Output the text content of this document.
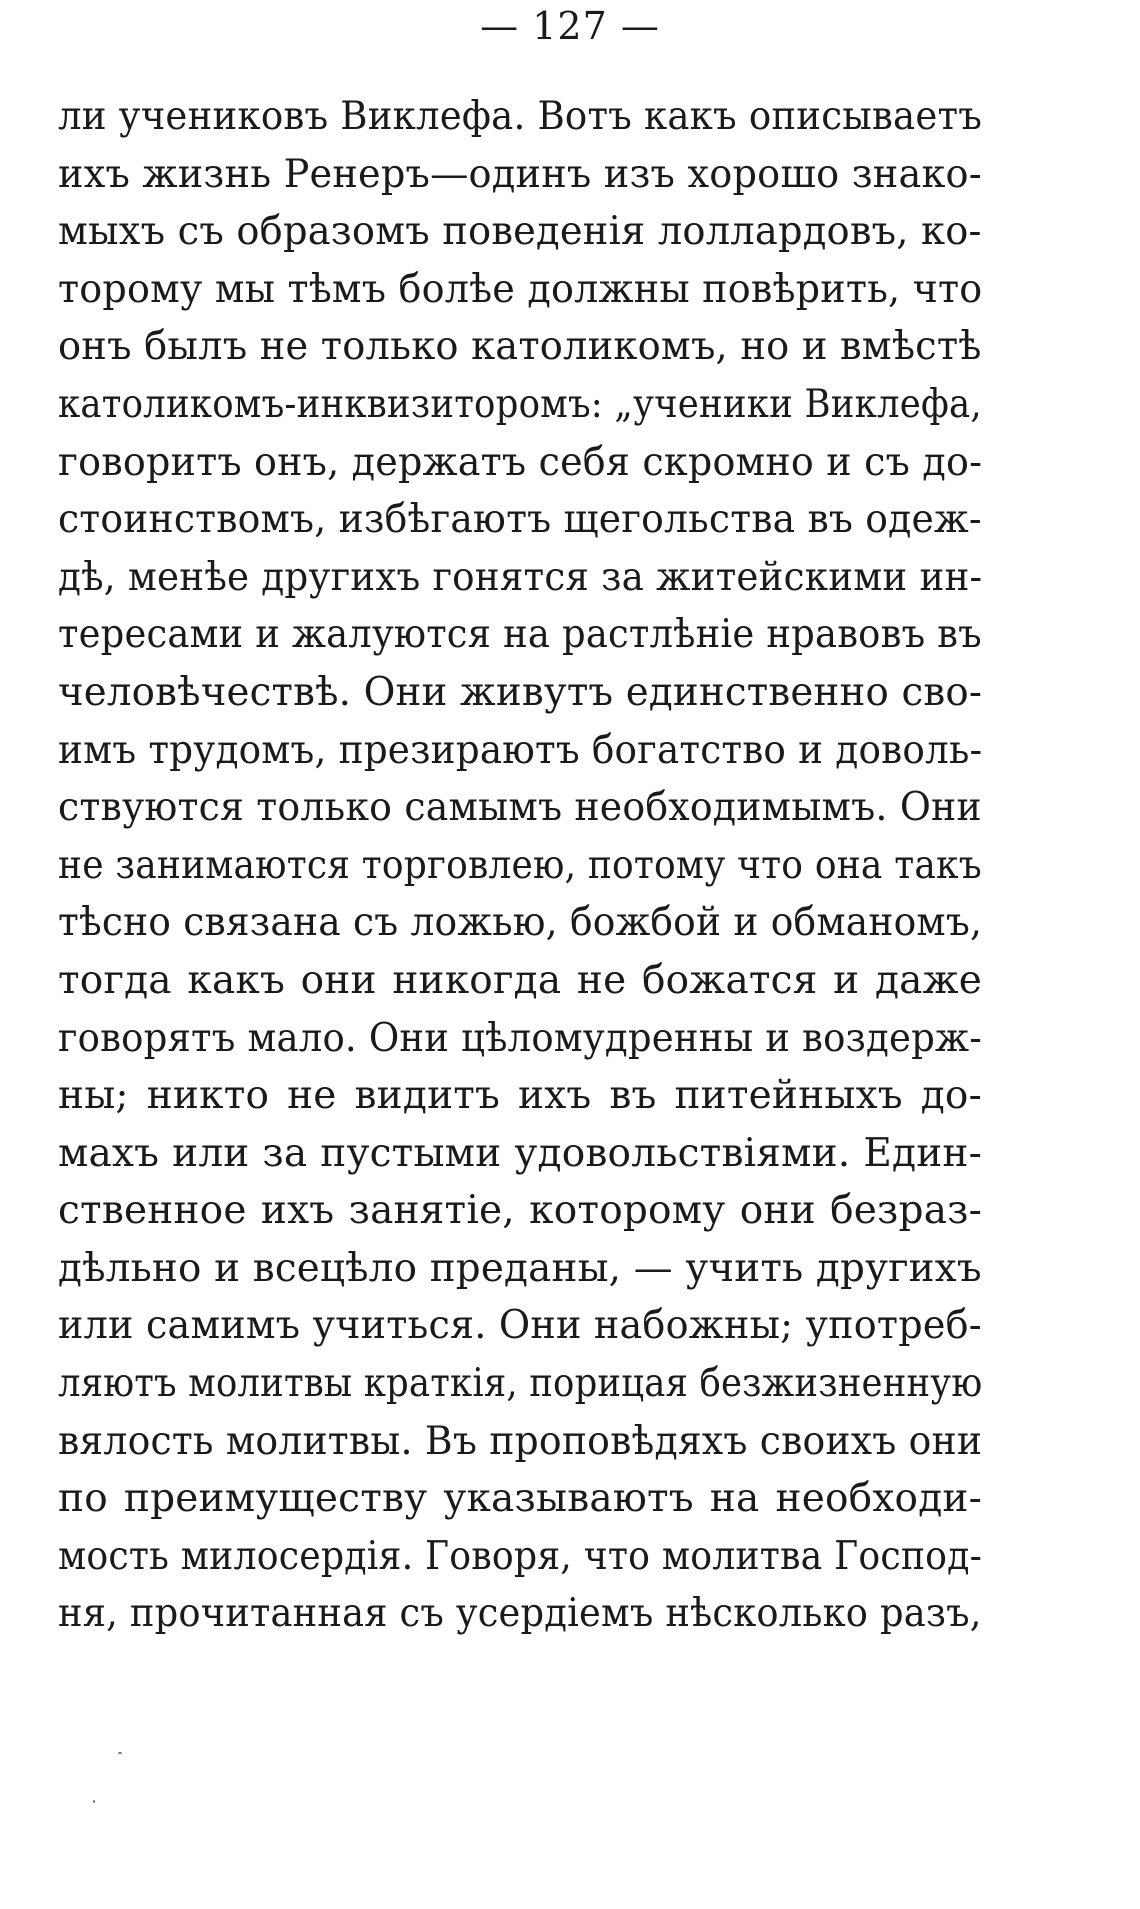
— 127 —
ли учениковъ Виклефа. Вотъ какъ описываетъ
ихъ жизнь Ренеръ—одинъ изъ хорошо знако-
мыхъ съ образомъ поведенія лоллардовъ, ко-
торому мы тѣмъ болѣе должны повѣрить, что
онъ былъ не только католикомъ, но и вмѣстѣ
католикомъ-инквизиторомъ: „ученики Виклефа,
говоритъ онъ, держатъ себя скромно и съ до-
стоинствомъ, избѣгаютъ щегольства въ одеж-
дѣ, менѣе другихъ гонятся за житейскими ин-
тересами и жалуются на растлѣніе нравовъ въ
человѣчествѣ. Они живутъ единственно сво-
имъ трудомъ, презираютъ богатство и доволь-
ствуются только самымъ необходимымъ. Они
не занимаются торговлею, потому что она такъ
тѣсно связана съ ложью, божбой и обманомъ,
тогда какъ они никогда не божатся и даже
говорятъ мало. Они цѣломудренны и воздерж-
ны; никто не видитъ ихъ въ питейныхъ до-
махъ или за пустыми удовольствіями. Един-
ственное ихъ занятіе, которому они безраз-
дѣльно и всецѣло преданы, — учить другихъ
или самимъ учиться. Они набожны; употреб-
ляютъ молитвы краткія, порицая безжизненную
вялость молитвы. Въ проповѣдяхъ своихъ они
по преимуществу указываютъ на необходи-
мость милосердія. Говоря, что молитва Господ-
ня, прочитанная съ усердіемъ нѣсколько разъ,
